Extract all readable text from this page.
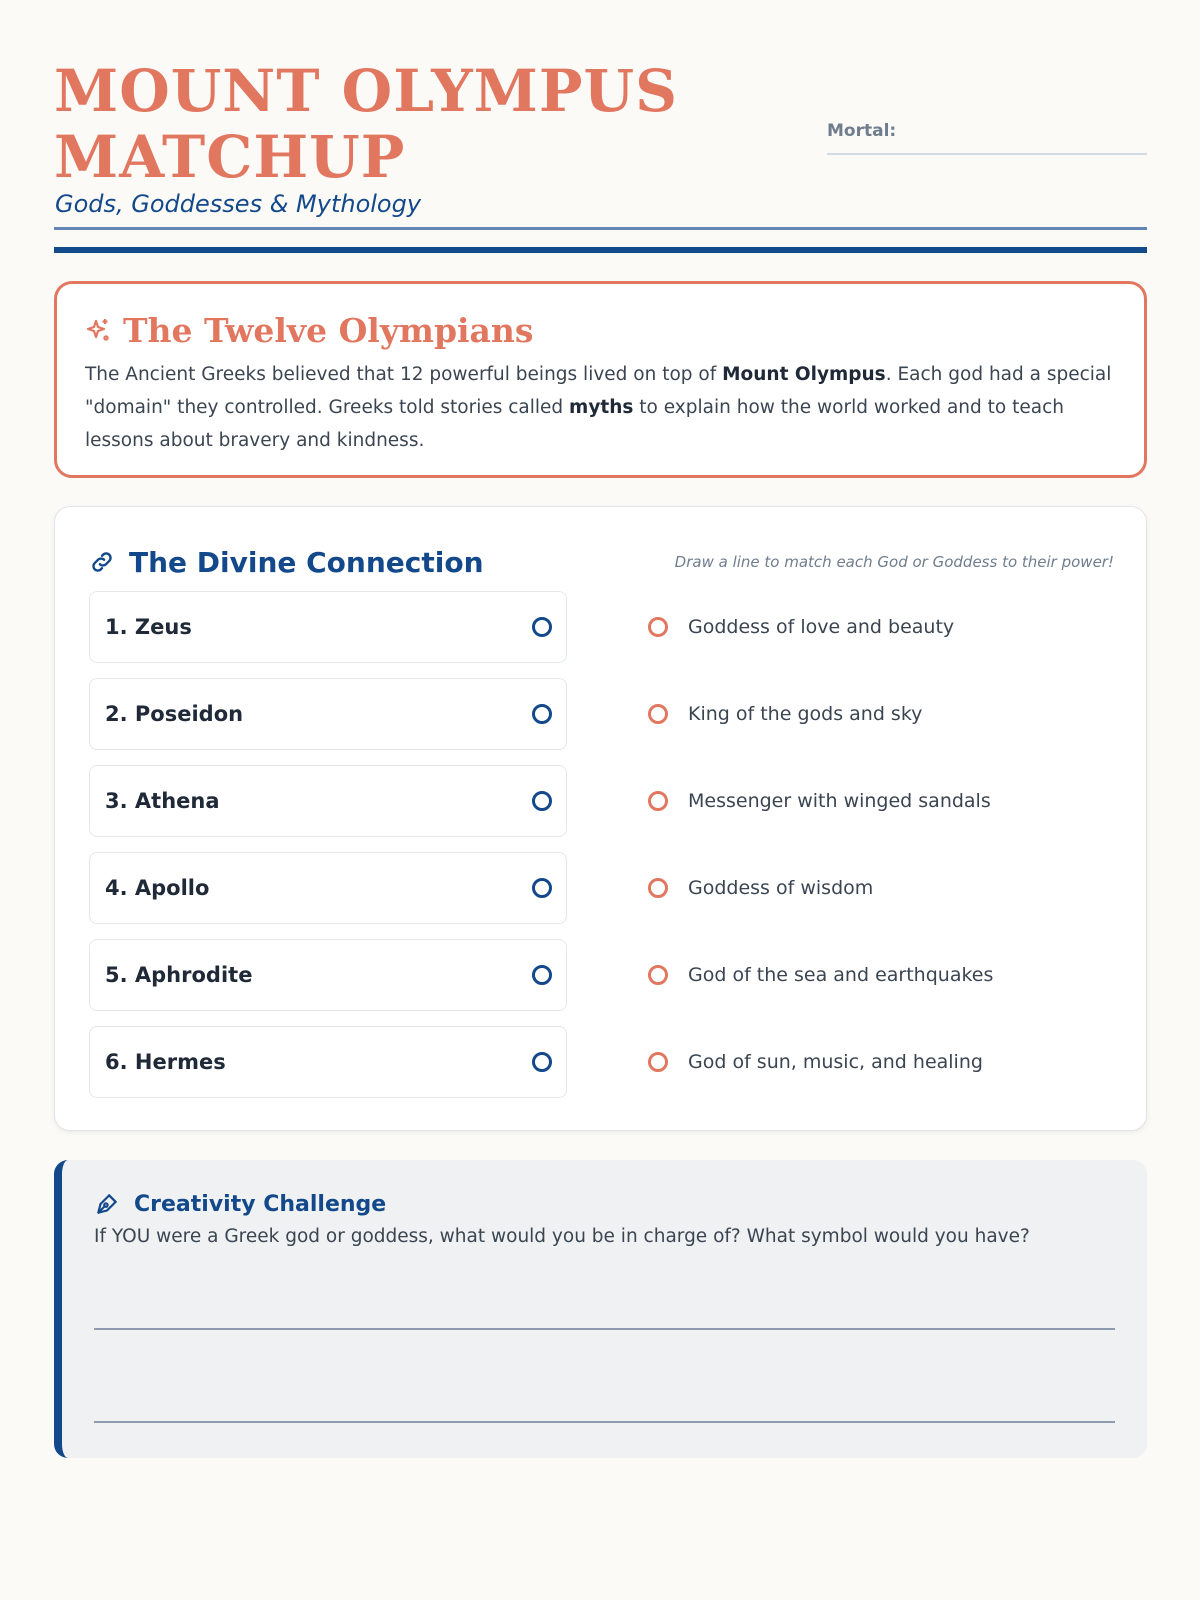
MOUNT OLYMPUS MATCHUP
Gods, Goddesses & Mythology
Mortal:
The Twelve Olympians

The Ancient Greeks believed that 12 powerful beings lived on top of Mount Olympus. Each god had a special "domain" they controlled. Greeks told stories called myths to explain how the world worked and to teach lessons about bravery and kindness.

The Divine Connection	Draw a line to match each God or Goddess to their power!
1. Zeus
2. Poseidon
3. Athena
4. Apollo
5. Aphrodite
6. Hermes
Goddess of love and beauty
King of the gods and sky
Messenger with winged sandals
Goddess of wisdom
God of the sea and earthquakes
God of sun, music, and healing
Creativity Challenge
If YOU were a Greek god or goddess, what would you be in charge of? What symbol would you have?
